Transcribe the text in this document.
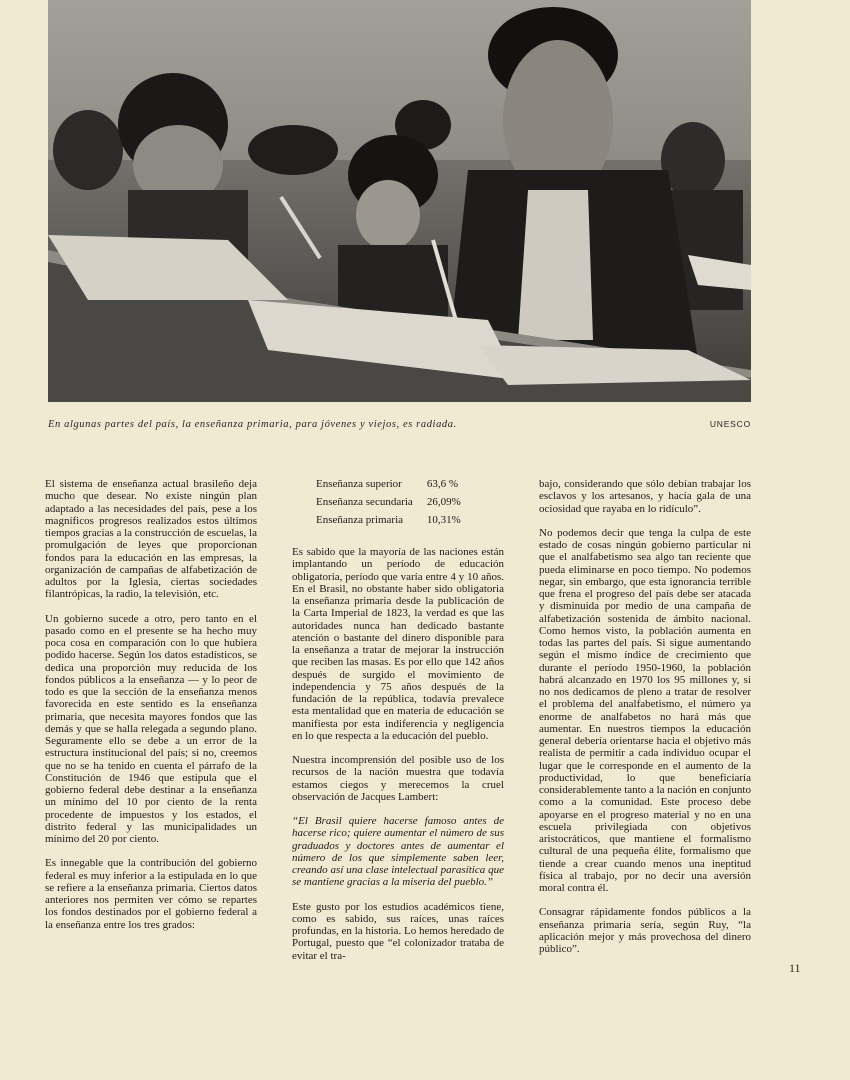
En algunas partes del país, la enseñanza primaria, para jóvenes y viejos, es radiada.	UNESCO

El sistema de enseñanza actual brasileño deja mucho que desear. No existe ningún plan adaptado a las necesidades del país, pese a los magníficos progresos realizados estos últimos tiempos gracias a la construcción de escuelas, la promulgación de leyes que proporcionan fondos para la educación en las empresas, la organización de campañas de alfabetización de adultos por la Iglesia, ciertas sociedades filantrópicas, la radio, la televisión, etc.

Un gobierno sucede a otro, pero tanto en el pasado como en el presente se ha hecho muy poca cosa en comparación con lo que hubiera podido hacerse. Según los datos estadísticos, se dedica una proporción muy reducida de los fondos públicos a la enseñanza — y lo peor de todo es que la sección de la enseñanza menos favorecida en este sentido es la enseñanza primaria, que necesita mayores fondos que las demás y que se halla relegada a segundo plano. Seguramente ello se debe a un error de la estructura institucional del país; si no, creemos que no se ha tenido en cuenta el párrafo de la Constitución de 1946 que estipula que el gobierno federal debe destinar a la enseñanza un mínimo del 10 por ciento de la renta procedente de impuestos y los estados, el distrito federal y las municipalidades un mínimo del 20 por ciento.

Es innegable que la contribución del gobierno federal es muy inferior a la estipulada en lo que se refiere a la enseñanza primaria. Ciertos datos anteriores nos permiten ver cómo se repartes los fondos destinados por el gobierno federal a la enseñanza entre los tres grados:

Enseñanza superior	63,6 %
Enseñanza secundaria	26,09%
Enseñanza primaria	10,31%

Es sabido que la mayoría de las naciones están implantando un período de educación obligatoria, período que varía entre 4 y 10 años. En el Brasil, no obstante haber sido obligatoria la enseñanza primaria desde la publicación de la Carta Imperial de 1823, la verdad es que las autoridades nunca han dedicado bastante atención o bastante del dinero disponible para la enseñanza a tratar de mejorar la instrucción que reciben las masas. Es por ello que 142 años después de surgido el movimiento de independencia y 75 años después de la fundación de la república, todavía prevalece esta mentalidad que en materia de educación se manifiesta por esta indiferencia y negligencia en lo que respecta a la educación del pueblo.

Nuestra incomprensión del posible uso de los recursos de la nación muestra que todavía estamos ciegos y merecemos la cruel observación de Jacques Lambert:

“El Brasil quiere hacerse famoso antes de hacerse rico; quiere aumentar el número de sus graduados y doctores antes de aumentar el número de los que simplemente saben leer, creando así una clase intelectual parasítica que se mantiene gracias a la miseria del pueblo.”

Este gusto por los estudios académicos tiene, como es sabido, sus raíces, unas raíces profundas, en la historia. Lo hemos heredado de Portugal, puesto que “el colonizador trataba de evitar el tra-

bajo, considerando que sólo debían trabajar los esclavos y los artesanos, y hacía gala de una ociosidad que rayaba en lo ridículo”.

No podemos decir que tenga la culpa de este estado de cosas ningún gobierno particular ni que el analfabetismo sea algo tan reciente que pueda eliminarse en poco tiempo. No podemos negar, sin embargo, que esta ignorancia terrible que frena el progreso del país debe ser atacada y disminuida por medio de una campaña de alfabetización sostenida de ámbito nacional. Como hemos visto, la población aumenta en todas las partes del país. Si sigue aumentando según el mismo índice de crecimiento que durante el período 1950-1960, la población habrá alcanzado en 1970 los 95 millones y, si no nos dedicamos de pleno a tratar de resolver el problema del analfabetismo, el número ya enorme de analfabetos no hará más que aumentar. En nuestros tiempos la educación general debería orientarse hacia el objetivo más realista de permitir a cada individuo ocupar el lugar que le corresponde en el aumento de la productividad, lo que beneficiaría considerablemente tanto a la nación en conjunto como a la comunidad. Este proceso debe apoyarse en el progreso material y no en una escuela privilegiada con objetivos aristocráticos, que mantiene el formalismo cultural de una pequeña élite, formalismo que tiende a crear cuando menos una ineptitud física al trabajo, por no decir una aversión moral contra él.

Consagrar rápidamente fondos públicos a la enseñanza primaria sería, según Ruy, “la aplicación mejor y más provechosa del dinero público”.

11
